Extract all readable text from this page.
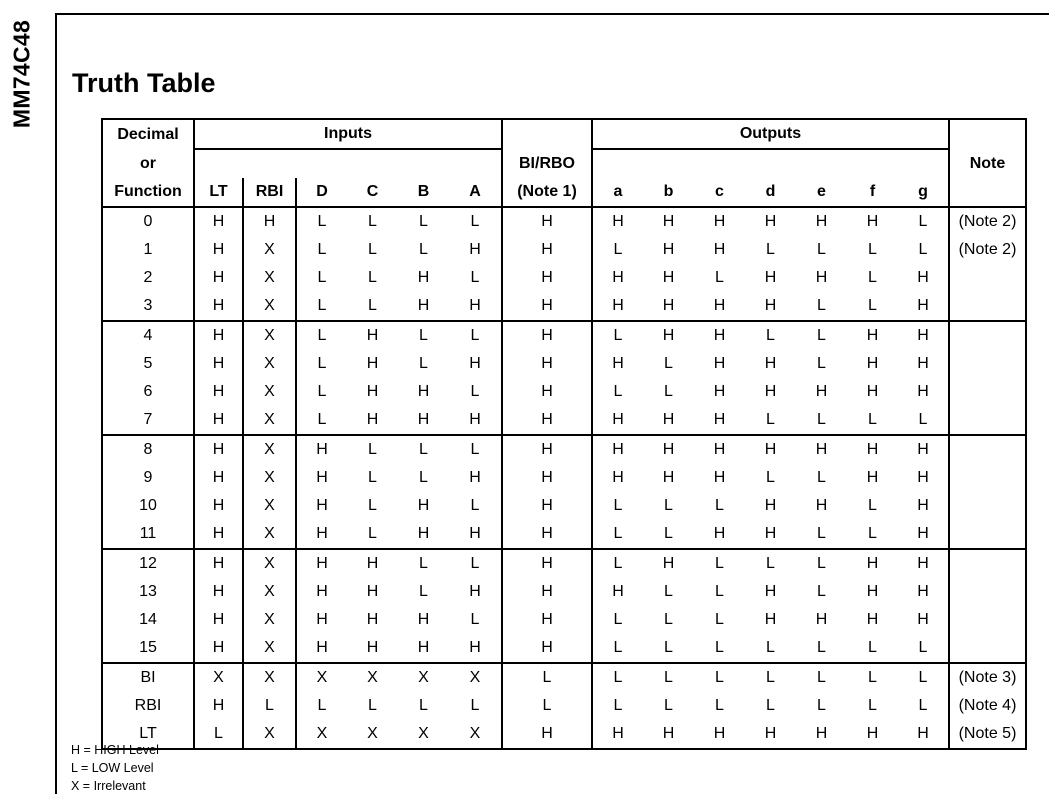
MM74C48 Truth Table
Decimal	Inputs							Outputs							
or							BI/RBO								Note
Function	LT	RBI	D	C	B	A	(Note 1)	a	b	c	d	e	f	g	
0	H	H	L	L	L	L	H	H	H	H	H	H	H	L	(Note 2)
1	H	X	L	L	L	H	H	L	H	H	L	L	L	L	(Note 2)
2	H	X	L	L	H	L	H	H	H	L	H	H	L	H	
3	H	X	L	L	H	H	H	H	H	H	H	L	L	H	
4	H	X	L	H	L	L	H	L	H	H	L	L	H	H	
5	H	X	L	H	L	H	H	H	L	H	H	L	H	H	
6	H	X	L	H	H	L	H	L	L	H	H	H	H	H	
7	H	X	L	H	H	H	H	H	H	H	L	L	L	L	
8	H	X	H	L	L	L	H	H	H	H	H	H	H	H	
9	H	X	H	L	L	H	H	H	H	H	L	L	H	H	
10	H	X	H	L	H	L	H	L	L	L	H	H	L	H	
11	H	X	H	L	H	H	H	L	L	H	H	L	L	H	
12	H	X	H	H	L	L	H	L	H	L	L	L	H	H	
13	H	X	H	H	L	H	H	H	L	L	H	L	H	H	
14	H	X	H	H	H	L	H	L	L	L	H	H	H	H	
15	H	X	H	H	H	H	H	L	L	L	L	L	L	L	
BI	X	X	X	X	X	X	L	L	L	L	L	L	L	L	(Note 3)
RBI	H	L	L	L	L	L	L	L	L	L	L	L	L	L	(Note 4)
LT	L	X	X	X	X	X	H	H	H	H	H	H	H	H	(Note 5)
H = HIGH Level
L = LOW Level
X = Irrelevant
